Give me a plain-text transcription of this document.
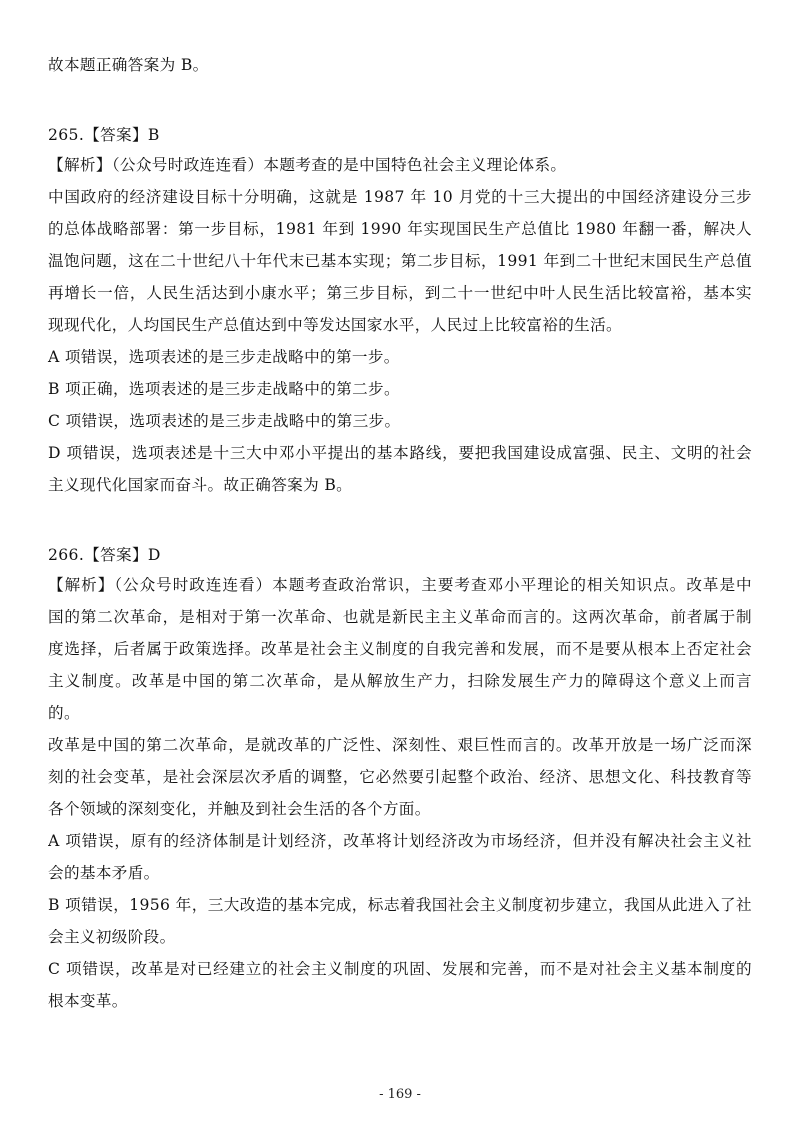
故本题正确答案为 B。

265.【答案】B

【解析】（公众号时政连连看）本题考查的是中国特色社会主义理论体系。

中国政府的经济建设目标十分明确，这就是 1987 年 10 月党的十三大提出的中国经济建设分三步

的总体战略部署：第一步目标，1981 年到 1990 年实现国民生产总值比 1980 年翻一番，解决人

温饱问题，这在二十世纪八十年代末已基本实现；第二步目标，1991 年到二十世纪末国民生产总值

再增长一倍，人民生活达到小康水平；第三步目标，到二十一世纪中叶人民生活比较富裕，基本实

现现代化，人均国民生产总值达到中等发达国家水平，人民过上比较富裕的生活。

A 项错误，选项表述的是三步走战略中的第一步。

B 项正确，选项表述的是三步走战略中的第二步。

C 项错误，选项表述的是三步走战略中的第三步。

D 项错误，选项表述是十三大中邓小平提出的基本路线，要把我国建设成富强、民主、文明的社会

主义现代化国家而奋斗。故正确答案为 B。

266.【答案】D

【解析】（公众号时政连连看）本题考查政治常识，主要考查邓小平理论的相关知识点。改革是中

国的第二次革命，是相对于第一次革命、也就是新民主主义革命而言的。这两次革命，前者属于制

度选择，后者属于政策选择。改革是社会主义制度的自我完善和发展，而不是要从根本上否定社会

主义制度。改革是中国的第二次革命，是从解放生产力，扫除发展生产力的障碍这个意义上而言

的。

改革是中国的第二次革命，是就改革的广泛性、深刻性、艰巨性而言的。改革开放是一场广泛而深

刻的社会变革，是社会深层次矛盾的调整，它必然要引起整个政治、经济、思想文化、科技教育等

各个领域的深刻变化，并触及到社会生活的各个方面。

A 项错误，原有的经济体制是计划经济，改革将计划经济改为市场经济，但并没有解决社会主义社

会的基本矛盾。

B 项错误，1956 年，三大改造的基本完成，标志着我国社会主义制度初步建立，我国从此进入了社

会主义初级阶段。

C 项错误，改革是对已经建立的社会主义制度的巩固、发展和完善，而不是对社会主义基本制度的

根本变革。

- 169 -
